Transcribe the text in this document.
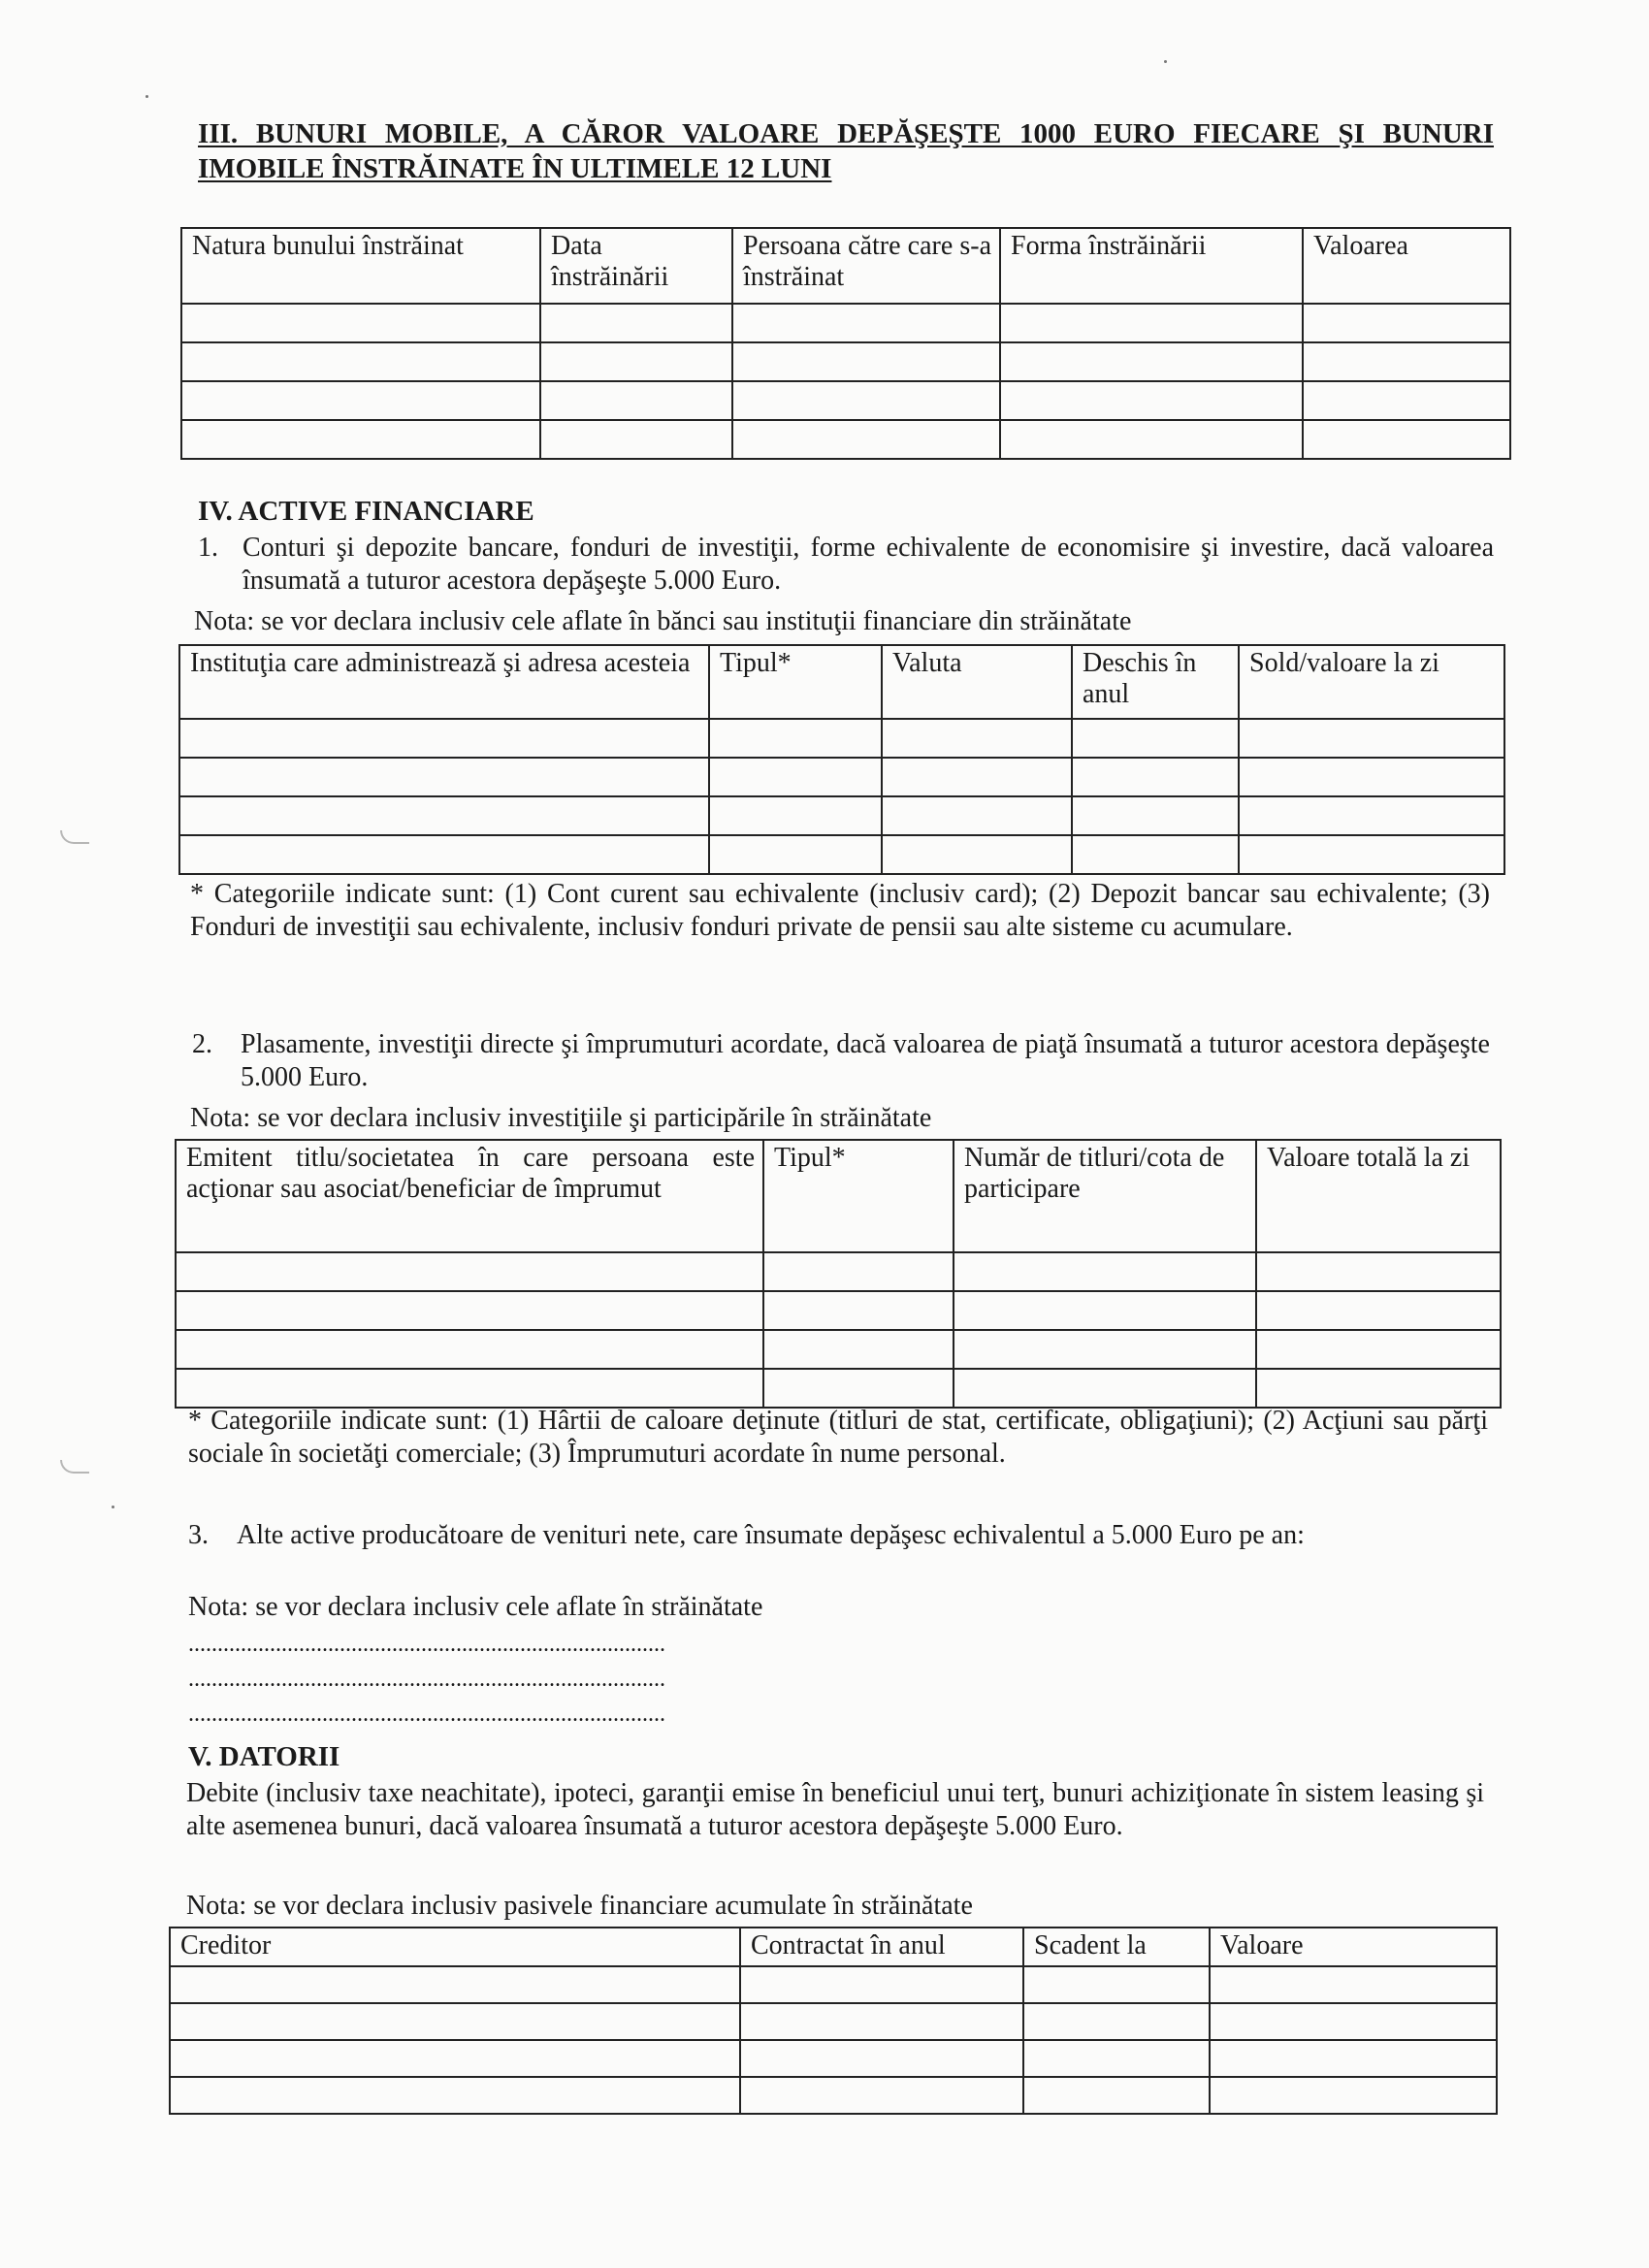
III. BUNURI MOBILE, A CĂROR VALOARE DEPĂŞEŞTE 1000 EURO FIECARE ŞI BUNURI IMOBILE ÎNSTRĂINATE ÎN ULTIMELE 12 LUNI
Natura bunului înstrăinat	Data înstrăinării	Persoana către care s-a înstrăinat	Forma înstrăinării	Valoarea

IV. ACTIVE FINANCIARE
1. Conturi şi depozite bancare, fonduri de investiţii, forme echivalente de economisire şi investire, dacă valoarea însumată a tuturor acestora depăşeşte 5.000 Euro.
Nota: se vor declara inclusiv cele aflate în bănci sau instituţii financiare din străinătate
Instituţia care administrează şi adresa acesteia	Tipul*	Valuta	Deschis în anul	Sold/valoare la zi

* Categoriile indicate sunt: (1) Cont curent sau echivalente (inclusiv card); (2) Depozit bancar sau echivalente; (3) Fonduri de investiţii sau echivalente, inclusiv fonduri private de pensii sau alte sisteme cu acumulare.
2. Plasamente, investiţii directe şi împrumuturi acordate, dacă valoarea de piaţă însumată a tuturor acestora depăşeşte 5.000 Euro.
Nota: se vor declara inclusiv investiţiile şi participările în străinătate
Emitent titlu/societatea în care persoana este acţionar sau asociat/beneficiar de împrumut	Tipul*	Număr de titluri/cota de participare	Valoare totală la zi

* Categoriile indicate sunt: (1) Hârtii de caloare deţinute (titluri de stat, certificate, obligaţiuni); (2) Acţiuni sau părţi sociale în societăţi comerciale; (3) Împrumuturi acordate în nume personal.
3. Alte active producătoare de venituri nete, care însumate depăşesc echivalentul a 5.000 Euro pe an:
Nota: se vor declara inclusiv cele aflate în străinătate
..................................................................................
..................................................................................
..................................................................................
V. DATORII
Debite (inclusiv taxe neachitate), ipoteci, garanţii emise în beneficiul unui terţ, bunuri achiziţionate în sistem leasing şi alte asemenea bunuri, dacă valoarea însumată a tuturor acestora depăşeşte 5.000 Euro.
Nota: se vor declara inclusiv pasivele financiare acumulate în străinătate
Creditor	Contractat în anul	Scadent la	Valoare
